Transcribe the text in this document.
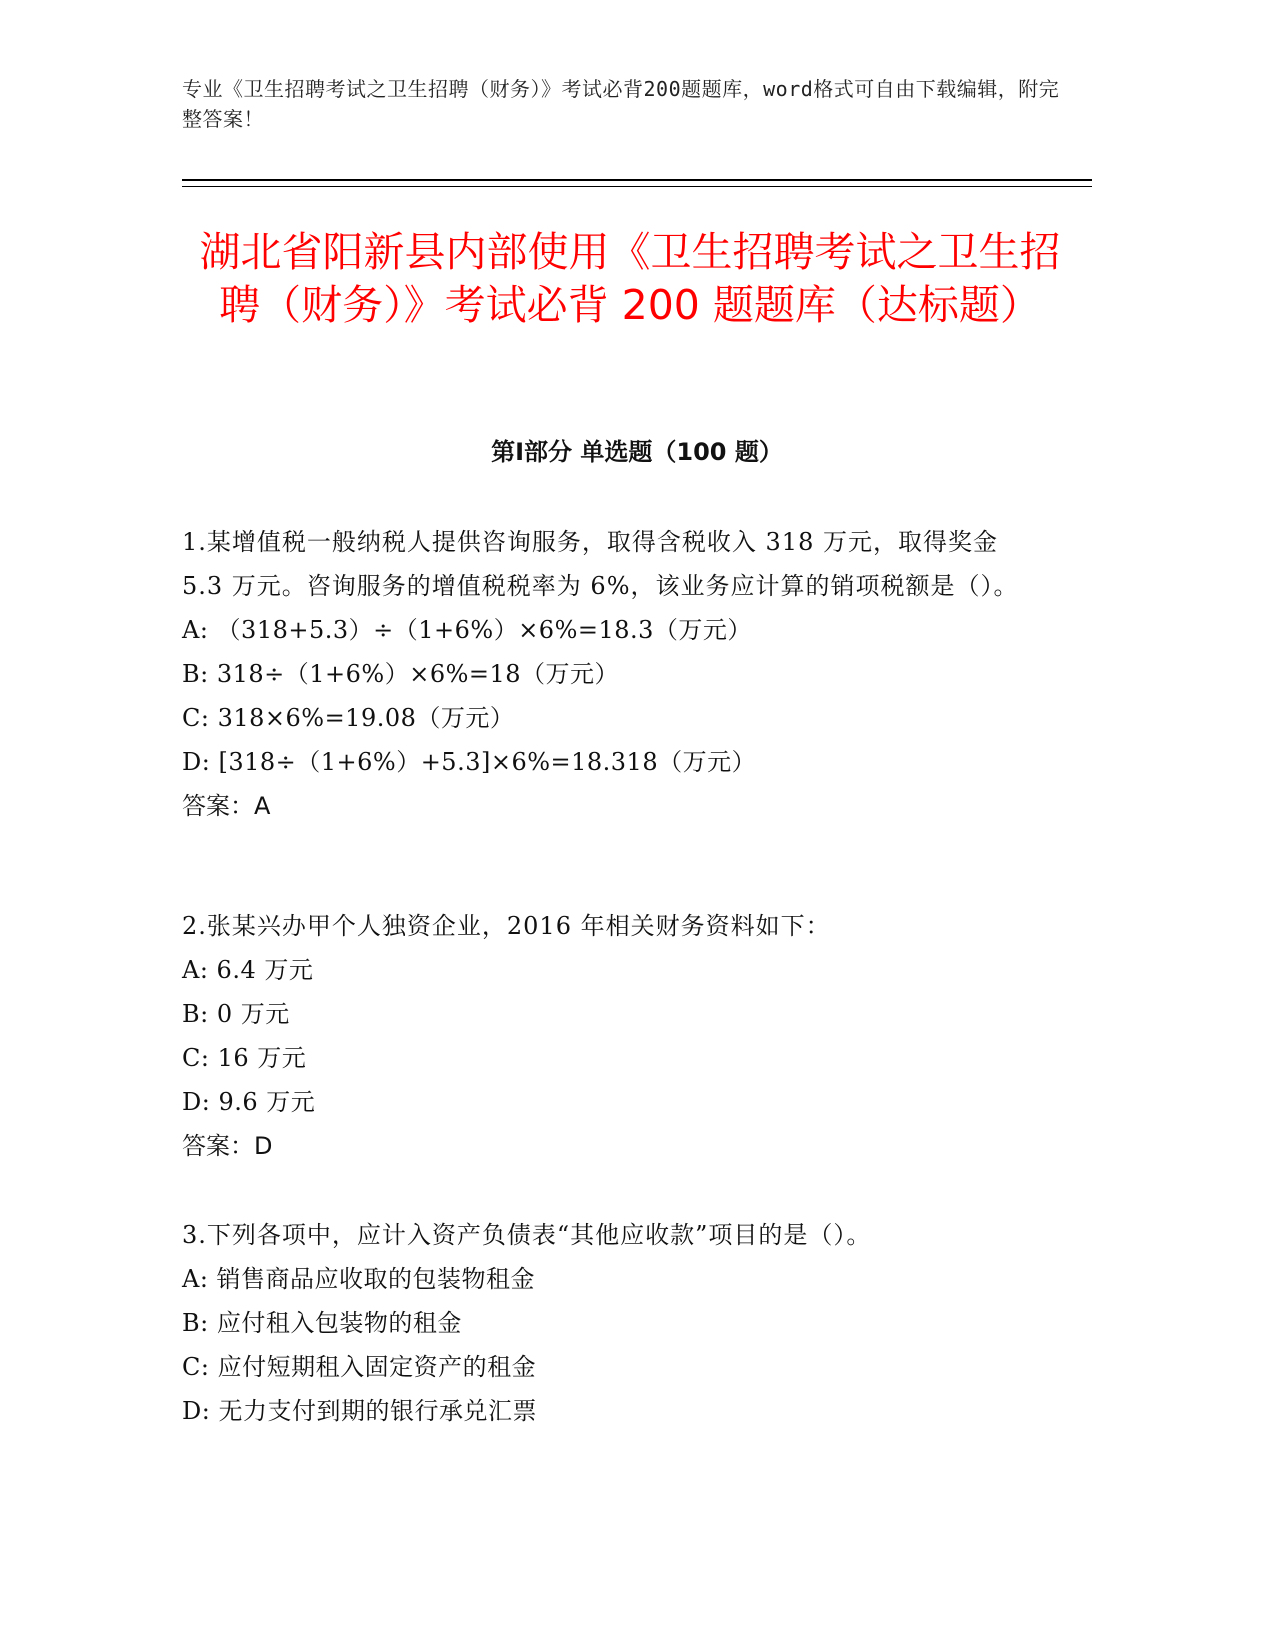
专业《卫生招聘考试之卫生招聘（财务）》考试必背200题题库，word格式可自由下载编辑，附完整答案！
湖北省阳新县内部使用《卫生招聘考试之卫生招聘（财务）》考试必背 200 题题库（达标题）
第Ⅰ部分 单选题（100 题）

1.某增值税一般纳税人提供咨询服务，取得含税收入 318 万元，取得奖金 5.3 万元。咨询服务的增值税税率为 6%，该业务应计算的销项税额是（）。

A: （318+5.3）÷（1+6%）×6%=18.3（万元）

B: 318÷（1+6%）×6%=18（万元）

C: 318×6%=19.08（万元）

D: [318÷（1+6%）+5.3]×6%=18.318（万元）

答案：A

2.张某兴办甲个人独资企业，2016 年相关财务资料如下：

A: 6.4 万元

B: 0 万元

C: 16 万元

D: 9.6 万元

答案：D

3.下列各项中，应计入资产负债表“其他应收款”项目的是（）。

A: 销售商品应收取的包装物租金

B: 应付租入包装物的租金

C: 应付短期租入固定资产的租金

D: 无力支付到期的银行承兑汇票
